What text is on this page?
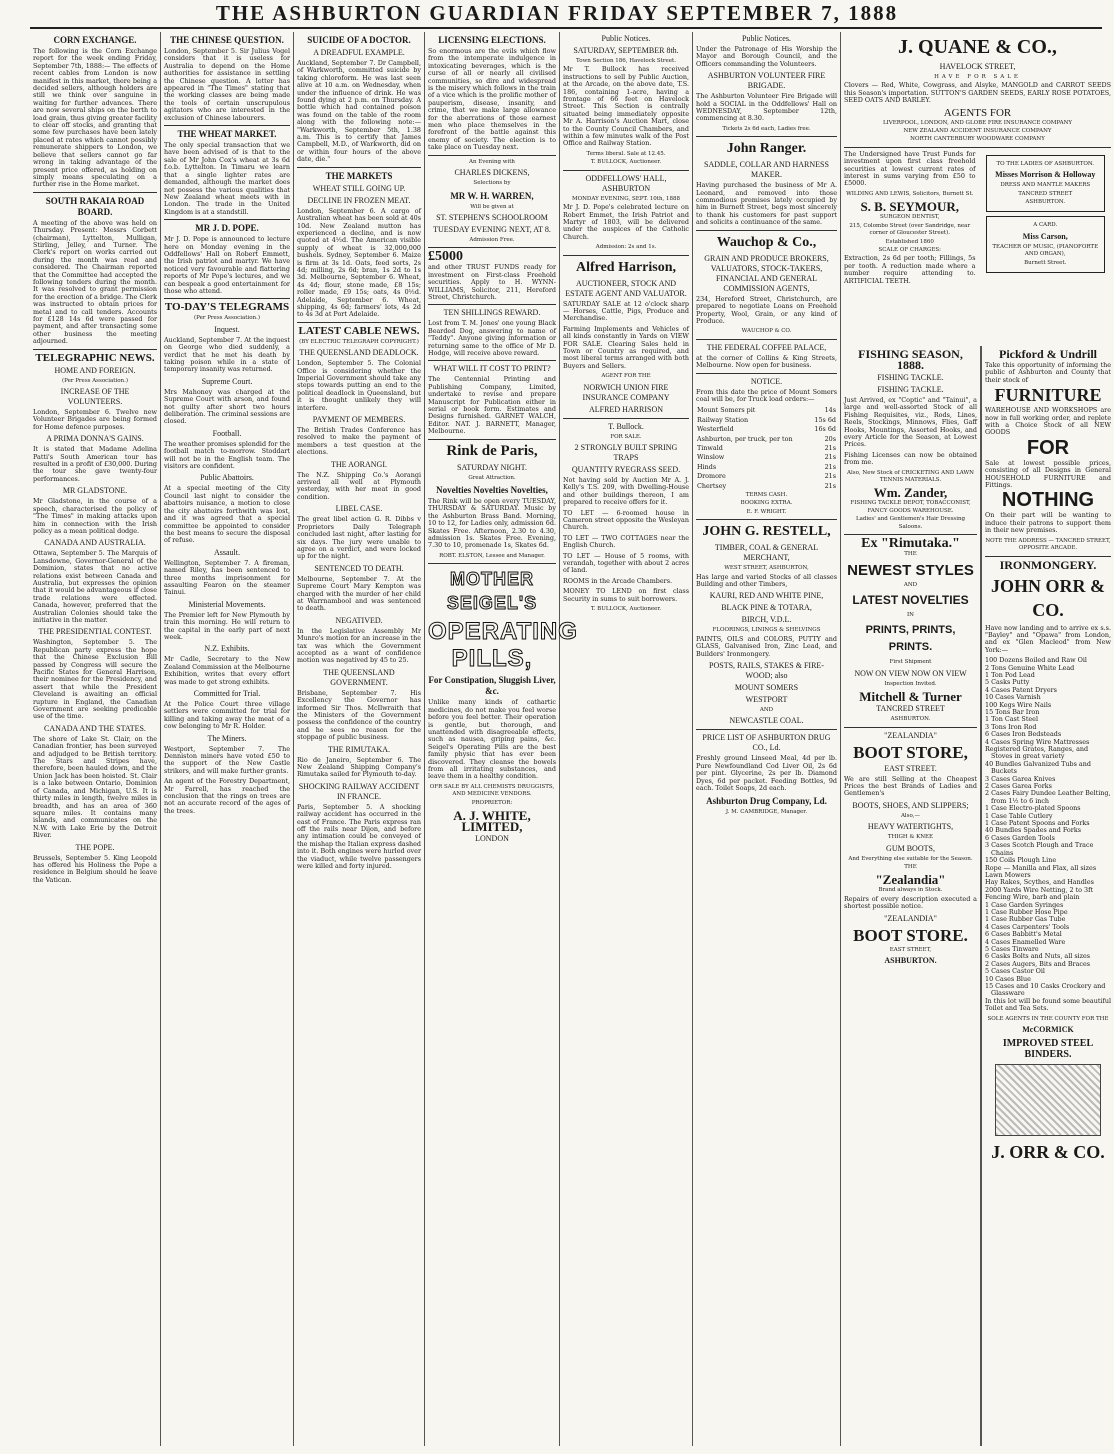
THE ASHBURTON GUARDIAN FRIDAY SEPTEMBER 7, 1888
CORN EXCHANGE.
The following is the Corn Exchange report for the week ending Friday, September 7th, 1888:— The effects of recent cables from London is now manifest in this market, there being a decided sellers, although holders are still we think over sanguine in waiting for further advances. There are now several ships on the berth to load grain, thus giving greater facility to clear off stocks, and granting that some few purchases have been lately placed at rates which cannot possibly remunerate shippers to London, we believe that sellers cannot go far wrong in taking advantage of the present price offered, as holding on simply means speculating on a further rise in the Home market.
SOUTH RAKAIA ROAD BOARD.
A meeting of the above was held on Thursday. Present: Messrs Corbett (chairman), Lyttelton, Mulligan, Stirling, Jelley, and Turner. The Clerk's report on works carried out during the month was read and considered. The Chairman reported that the Committee had accepted the following tenders during the month. It was resolved to grant permission for the erection of a bridge. The Clerk was instructed to obtain prices for metal and to call tenders. Accounts for £128 14s 6d were passed for payment, and after transacting some other business the meeting adjourned.
TELEGRAPHIC NEWS.
HOME AND FOREIGN.
(Per Press Association.)
INCREASE OF THE VOLUNTEERS.
London, September 6. Twelve new Volunteer Brigades are being formed for Home defence purposes.
A PRIMA DONNA'S GAINS.
It is stated that Madame Adelina Patti's South American tour has resulted in a profit of £30,000. During the tour she gave twenty-four performances.
MR GLADSTONE.
Mr Gladstone, in the course of a speech, characterised the policy of "The Times" in making attacks upon him in connection with the Irish policy as a mean political dodge.
CANADA AND AUSTRALIA.
Ottawa, September 5. The Marquis of Lansdowne, Governor-General of the Dominion, states that no active relations exist between Canada and Australia, but expresses the opinion that it would be advantageous if close trade relations were effected. Canada, however, preferred that the Australian Colonies should take the initiative in the matter.
THE PRESIDENTIAL CONTEST.
Washington, September 5. The Republican party express the hope that the Chinese Exclusion Bill passed by Congress will secure the Pacific States for General Harrison, their nominee for the Presidency, and assert that while the President Cleveland is awaiting an official rupture in England, the Canadian Government are seeking predicable use of the time.
CANADA AND THE STATES.
The shore of Lake St. Clair, on the Canadian frontier, has been surveyed and adjudged to be British territory. The Stars and Stripes have, therefore, been hauled down, and the Union Jack has been hoisted. St. Clair is a lake between Ontario, Dominion of Canada, and Michigan, U.S. It is thirty miles in length, twelve miles in breadth, and has an area of 360 square miles. It contains many islands, and communicates on the N.W. with Lake Erie by the Detroit River.
THE POPE.
Brussels, September 5. King Leopold has offered his Holiness the Pope a residence in Belgium should he leave the Vatican.
THE CHINESE QUESTION.
London, September 5. Sir Julius Vogel considers that it is useless for Australia to depend on the Home authorities for assistance in settling the Chinese question. A letter has appeared in "The Times" stating that the working classes are being made the tools of certain unscrupulous agitators who are interested in the exclusion of Chinese labourers.
THE WHEAT MARKET.
The only special transaction that we have been advised of is that to the sale of Mr John Cox's wheat at 3s 6d f.o.b. Lyttelton. In Timaru we learn that a single lighter rates are demanded, although the market does not possess the various qualities that New Zealand wheat meets with in London. The trade in the United Kingdom is at a standstill.
MR J. D. POPE.
Mr J. D. Pope is announced to lecture here on Monday evening in the Oddfellows' Hall on Robert Emmett, the Irish patriot and martyr. We have noticed very favourable and flattering reports of Mr Pope's lectures, and we can bespeak a good entertainment for those who attend.
TO-DAY'S TELEGRAMS
(Per Press Association.)
Inquest.
Auckland, September 7. At the inquest on George who died suddenly, a verdict that he met his death by taking poison while in a state of temporary insanity was returned.
Supreme Court.
Mrs Mahoney was charged at the Supreme Court with arson, and found not guilty after short two hours deliberation. The criminal sessions are closed.
Football.
The weather promises splendid for the football match to-morrow. Stoddart will not be in the English team. The visitors are confident.
Public Abattoirs.
At a special meeting of the City Council last night to consider the abattoirs nuisance, a motion to close the city abattoirs forthwith was lost, and it was agreed that a special committee be appointed to consider the best means to secure the disposal of refuse.
Assault.
Wellington, September 7. A fireman, named Riley, has been sentenced to three months imprisonment for assaulting Fearon on the steamer Tainui.
Ministerial Movements.
The Premier left for New Plymouth by train this morning. He will return to the capital in the early part of next week.
N.Z. Exhibits.
Mr Cadle, Secretary to the New Zealand Commission at the Melbourne Exhibition, writes that every effort was made to get strong exhibits.
Committed for Trial.
At the Police Court three village settlers were committed for trial for killing and taking away the meat of a cow belonging to Mr R. Holder.
The Miners.
Westport, September 7. The Denniston miners have voted £50 to the support of the New Castle strikers, and will make further grants.
An agent of the Forestry Department, Mr Farrell, has reached the conclusion that the rings on trees are not an accurate record of the ages of the trees.
SUICIDE OF A DOCTOR.
A DREADFUL EXAMPLE.
Auckland, September 7. Dr Campbell, of Warkworth, committed suicide by taking chloroform. He was last seen alive at 10 a.m. on Wednesday, when under the influence of drink. He was found dying at 2 p.m. on Thursday. A bottle which had contained poison was found on the table of the room along with the following note:— "Warkworth, September 5th, 1.38 a.m. This is to certify that James Campbell, M.D., of Warkworth, did on or within four hours of the above date, die."
THE MARKETS
WHEAT STILL GOING UP.
DECLINE IN FROZEN MEAT.
London, September 6. A cargo of Australian wheat has been sold at 40s 10d. New Zealand mutton has experienced a decline, and is now quoted at 4½d. The American visible supply of wheat is 32,000,000 bushels. Sydney, September 6. Maize is firm at 3s 1d. Oats, feed sorts, 2s 4d; milling, 2s 6d; bran, 1s 2d to 1s 3d. Melbourne, September 6. Wheat, 4s 4d; flour, stone made, £8 15s; roller made, £9 15s; oats, 4s 0½d. Adelaide, September 6. Wheat, shipping, 4s 6d; farmers' lots, 4s 2d to 4s 3d at Port Adelaide.
LATEST CABLE NEWS.
(BY ELECTRIC TELEGRAPH COPYRIGHT.)
THE QUEENSLAND DEADLOCK.
London, September 5. The Colonial Office is considering whether the Imperial Government should take any steps towards putting an end to the political deadlock in Queensland, but it is thought unlikely they will interfere.
PAYMENT OF MEMBERS.
The British Trades Conference has resolved to make the payment of members a test question at the elections.
THE AORANGI.
The N.Z. Shipping Co.'s Aorangi arrived all well at Plymouth yesterday, with her meat in good condition.
LIBEL CASE.
The great libel action G. R. Dibbs v Proprietors Daily Telegraph concluded last night, after lasting for six days. The jury were unable to agree on a verdict, and were locked up for the night.
SENTENCED TO DEATH.
Melbourne, September 7. At the Supreme Court Mary Kempton was charged with the murder of her child at Warrnambool and was sentenced to death.
NEGATIVED.
In the Legislative Assembly Mr Munro's motion for an increase in the tax was which the Government accepted as a want of confidence motion was negatived by 45 to 25.
THE QUEENSLAND GOVERNMENT.
Brisbane, September 7. His Excellency the Governor has informed Sir Thos. McIlwraith that the Ministers of the Government possess the confidence of the country and he sees no reason for the stoppage of public business.
THE RIMUTAKA.
Rio de Janeiro, September 6. The New Zealand Shipping Company's Rimutaka sailed for Plymouth to-day.
SHOCKING RAILWAY ACCIDENT IN FRANCE.
Paris, September 5. A shocking railway accident has occurred in the east of France. The Paris express ran off the rails near Dijon, and before any intimation could be conveyed of the mishap the Italian express dashed into it. Both engines were hurled over the viaduct, while twelve passengers were killed and forty injured.
LICENSING ELECTIONS.
So enormous are the evils which flow from the intemperate indulgence in intoxicating beverages, which is the curse of all or nearly all civilised communities, so dire and widespread is the misery which follows in the train of a vice which is the prolific mother of pauperism, disease, insanity, and crime, that we make large allowance for the aberrations of those earnest men who place themselves in the forefront of the battle against this enemy of society. The election is to take place on Tuesday next.
An Evening with
CHARLES DICKENS,
Selections by
MR W. H. WARREN,
Will be given at
ST. STEPHEN'S SCHOOLROOM
TUESDAY EVENING NEXT, AT 8.
Admission Free.
£5000
and other TRUST FUNDS ready for investment on First-class Freehold securities. Apply to H. WYNN-WILLIAMS, Solicitor, 211, Hereford Street, Christchurch.
TEN SHILLINGS REWARD.
Lost from T. M. Jones' one young Black Bearded Dog, answering to name of "Teddy". Anyone giving information or returning same to the office of Mr D. Hodge, will receive above reward.
WHAT WILL IT COST TO PRINT?
The Centennial Printing and Publishing Company, Limited, undertake to revise and prepare Manuscript for Publication either in serial or book form. Estimates and Designs furnished. GARNET WALCH, Editor. NAT. J. BARNETT, Manager, Melbourne.
Rink de Paris,
SATURDAY NIGHT.
Great Attraction.
Novelties Novelties Novelties,
The Rink will be open every TUESDAY, THURSDAY & SATURDAY. Music by the Ashburton Brass Band. Morning, 10 to 12, for Ladies only, admission 6d. Skates Free. Afternoon, 2.30 to 4.30, admission 1s. Skates Free. Evening, 7.30 to 10, promenade 1s, Skates 6d.
ROBT. ELSTON, Lessee and Manager.
MOTHER SEIGEL'S
OPERATING PILLS,
For Constipation, Sluggish Liver, &c.
Unlike many kinds of cathartic medicines, do not make you feel worse before you feel better. Their operation is gentle, but thorough, and unattended with disagreeable effects, such as nausea, griping pains, &c. Seigel's Operating Pills are the best family physic that has ever been discovered. They cleanse the bowels from all irritating substances, and leave them in a healthy condition.
OFR SALE BY ALL CHEMISTS DRUGGISTS, AND MEDICINE VENDORS.
PROPRIETOR:
A. J. WHITE, LIMITED,
LONDON
Public Notices.
SATURDAY, SEPTEMBER 8th.
Town Section 186, Havelock Street.
Mr T. Bullock has received instructions to sell by Public Auction, at the Arcade, on the above date, T.S. 186, containing 1-acre, having a frontage of 66 feet on Havelock Street. This Section is centrally situated being immediately opposite Mr A. Harrison's Auction Mart, close to the County Council Chambers, and within a few minutes walk of the Post Office and Railway Station.
Terms liberal. Sale at 12.45.
T. BULLOCK, Auctioneer.
ODDFELLOWS' HALL, ASHBURTON
MONDAY EVENING, SEPT. 10th, 1888
Mr J. D. Pope's celebrated lecture on Robert Emmet, the Irish Patriot and Martyr of 1803, will be delivered under the auspices of the Catholic Church.
Admission: 2s and 1s.
Alfred Harrison,
AUCTIONEER, STOCK AND ESTATE AGENT AND VALUATOR.
SATURDAY SALE at 12 o'clock sharp — Horses, Cattle, Pigs, Produce and Merchandise.
Farming Implements and Vehicles of all kinds constantly in Yards on VIEW FOR SALE. Clearing Sales held in Town or Country as required, and most liberal terms arranged with both Buyers and Sellers.
AGENT FOR THE
NORWICH UNION FIRE INSURANCE COMPANY
ALFRED HARRISON
T. Bullock.
FOR SALE.
2 STRONGLY BUILT SPRING TRAPS
QUANTITY RYEGRASS SEED.
Not having sold by Auction Mr A. J. Kelly's T.S. 209, with Dwelling-House and other buildings thereon, I am prepared to receive offers for it.
TO LET — 6-roomed house in Cameron street opposite the Wesleyan Church.
TO LET — TWO COTTAGES near the English Church.
TO LET — House of 5 rooms, with verandah, together with about 2 acres of land.
ROOMS in the Arcade Chambers.
MONEY TO LEND on first class Security in sums to suit borrowers.
T. BULLOCK, Auctioneer.
Public Notices.
Under the Patronage of His Worship the Mayor and Borough Council, and the Officers commanding the Volunteers.
ASHBURTON VOLUNTEER FIRE BRIGADE.
The Ashburton Volunteer Fire Brigade will hold a SOCIAL in the Oddfellows' Hall on WEDNESDAY, September 12th, commencing at 8.30.
Tickets 2s 6d each, Ladies free.
John Ranger.
SADDLE, COLLAR AND HARNESS MAKER.
Having purchased the business of Mr A. Leonard, and removed into those commodious premises lately occupied by him in Burnett Street, begs most sincerely to thank his customers for past support and solicits a continuance of the same.
Wauchop & Co.,
GRAIN AND PRODUCE BROKERS, VALUATORS, STOCK-TAKERS, FINANCIAL AND GENERAL COMMISSION AGENTS,
234, Hereford Street, Christchurch, are prepared to negotiate Loans on Freehold Property, Wool, Grain, or any kind of Produce.
WAUCHOP & CO.
THE FEDERAL COFFEE PALACE,
at the corner of Collins & King Streets, Melbourne. Now open for business.
NOTICE.
From this date the price of Mount Somers coal will be, for Truck load orders:—
Mount Somers pit	14s
Railway Station	15s 6d
Westerfield	16s 6d
Ashburton, per truck, per ton	20s
Tinwald	21s
Winslow	21s
Hinds	21s
Dromore	21s
Chertsey	21s
TERMS CASH.
BOOKING EXTRA.
E. F. WRIGHT.
JOHN G. RESTELL,
TIMBER, COAL & GENERAL MERCHANT,
WEST STREET, ASHBURTON,
Has large and varied Stocks of all classes Building and other Timbers,
KAURI, RED AND WHITE PINE,
BLACK PINE & TOTARA,
BIRCH, V.D.L.
FLOORINGS, LININGS & SHELVINGS
PAINTS, OILS and COLORS, PUTTY and GLASS, Galvanised Iron, Zinc Lead, and Builders' Ironmongery.
POSTS, RAILS, STAKES & FIRE-WOOD; also
MOUNT SOMERS
WESTPORT
AND
NEWCASTLE COAL.
PRICE LIST OF ASHBURTON DRUG CO., Ld.
Freshly ground Linseed Meal, 4d per lb. Pure Newfoundland Cod Liver Oil, 2s 6d per pint. Glycerine, 2s per lb. Diamond Dyes, 6d per packet. Feeding Bottles, 9d each. Toilet Soaps, 2d each.
Ashburton Drug Company, Ld.
J. M. CAMBRIDGE, Manager.
J. QUANE & CO.,
HAVELOCK STREET,
HAVE FOR SALE
Clovers — Red, White, Cowgrass, and Alsyke, MANGOLD and CARROT SEEDS this Season's importation. SUTTON'S GARDEN SEEDS, EARLY ROSE POTATOES, SEED OATS AND BARLEY.
AGENTS FOR
LIVERPOOL, LONDON, AND GLOBE FIRE INSURANCE COMPANY
NEW ZEALAND ACCIDENT INSURANCE COMPANY
NORTH CANTERBURY WOODWARE COMPANY
The Undersigned have Trust Funds for investment upon first class freehold securities at lowest current rates of interest in sums varying from £50 to £5000.
WILDING AND LEWIS, Solicitors, Burnett St.
S. B. SEYMOUR,
SURGEON DENTIST,
215, Colombo Street (over Sandridge, near corner of Gloucester Street).
Established 1860
SCALE OF CHARGES:
Extraction, 2s 6d per tooth; Fillings, 5s per tooth. A reduction made where a number require attending to. ARTIFICIAL TEETH.
TO THE LADIES OF ASHBURTON.
Misses Morrison & Holloway
DRESS AND MANTLE MAKERS
TANCRED STREET
ASHBURTON.
A CARD.
Miss Carson,
TEACHER OF MUSIC, (PIANOFORTE AND ORGAN),
Burnett Street.
FISHING SEASON, 1888.
FISHING TACKLE.
FISHING TACKLE.
Just Arrived, ex "Coptic" and "Tainui", a large and well-assorted Stock of all Fishing Requisites, viz., Rods, Lines, Reels, Stockings, Minnows, Flies, Gaff Hooks, Mountings, Assorted Hooks, and every Article for the Season, at Lowest Prices.
Fishing Licenses can now be obtained from me.
Also, New Stock of CRICKETING AND LAWN TENNIS MATERIALS.
Wm. Zander,
FISHING TACKLE DEPOT, TOBACCONIST, FANCY GOODS WAREHOUSE.
Ladies' and Gentlemen's Hair Dressing Saloons.
Ex "Rimutaka."
THE
NEWEST STYLES
AND
LATEST NOVELTIES
IN
PRINTS, PRINTS, PRINTS.
First Shipment
NOW ON VIEW NOW ON VIEW
Inspection Invited.
Mitchell & Turner
TANCRED STREET
ASHBURTON.
"ZEALANDIA"
BOOT STORE,
EAST STREET.
We are still Selling at the Cheapest Prices the best Brands of Ladies and Gentlemen's
BOOTS, SHOES, AND SLIPPERS;
Also,—
HEAVY WATERTIGHTS,
THIGH & KNEE
GUM BOOTS,
And Everything else suitable for the Season.
THE
"Zealandia"
Brand always in Stock.
Repairs of every description executed a shortest possible notice.
"ZEALANDIA"
BOOT STORE.
EAST STREET,
ASHBURTON.
Pickford & Undrill
Take this opportunity of informing the public of Ashburton and County that their stock of
FURNITURE
WAREHOUSE AND WORKSHOPS are now in full working order, and replete with a Choice Stock of all NEW GOODS
FOR
Sale at lowest possible prices, consisting of all Designs in General HOUSEHOLD FURNITURE and Fittings.
NOTHING
On their part will be wanting to induce their patrons to support them in their new premises.
NOTE THE ADDRESS — TANCRED STREET, OPPOSITE ARCADE.
IRONMONGERY.
JOHN ORR & CO.
Have now landing and to arrive ex s.s. "Bayley" and "Opawa" from London, and ex "Glen Macleod" from New York:—
100 Dozens Boiled and Raw Oil
2 Tons Genuine White Lead
1 Ton Pod Lead
5 Casks Putty
4 Cases Patent Dryers
10 Cases Varnish
100 Kegs Wire Nails
15 Tons Bar Iron
1 Ton Cast Steel
3 Tons Iron Rod
6 Cases Iron Bedsteads
4 Cases Spring Wire Mattresses
Registered Grates, Ranges, and Stoves in great variety
40 Bundles Galvanized Tubs and Buckets
3 Cases Garea Knives
2 Cases Garea Forks
2 Cases Fairy Dundee Leather Belting, from 1½ to 6 inch
1 Case Electro-plated Spoons
1 Case Table Cutlery
1 Case Patent Spoons and Forks
40 Bundles Spades and Forks
6 Cases Garden Tools
3 Cases Scotch Plough and Trace Chains
150 Coils Plough Line
Rope — Manilla and Flax, all sizes
Lawn Mowers
Hay Rakes, Scythes, and Handles
2000 Yards Wire Netting, 2 to 3ft
Fencing Wire, barb and plain
1 Case Garden Syringes
1 Case Rubber Hose Pipe
1 Case Rubber Gas Tube
4 Cases Carpenters' Tools
6 Cases Babbitt's Metal
4 Cases Enamelled Ware
5 Cases Tinware
6 Casks Bolts and Nuts, all sizes
2 Cases Augers, Bits and Braces
5 Cases Castor Oil
10 Cases Blue
15 Cases and 10 Casks Crockery and Glassware
In this lot will be found some beautiful Toilet and Tea Sets.
SOLE AGENTS IN THE COUNTY FOR THE
McCORMICK
IMPROVED STEEL BINDERS.
J. ORR & CO.
